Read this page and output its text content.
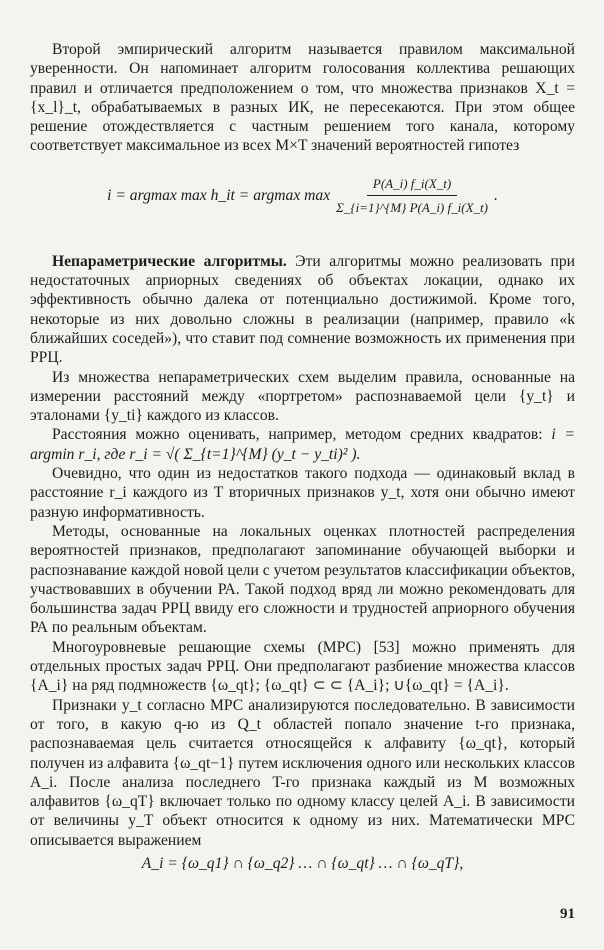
Второй эмпирический алгоритм называется правилом максимальной уверенности. Он напоминает алгоритм голосования коллектива решающих правил и отличается предположением о том, что множества признаков X_t = {x_l}_t, обрабатываемых в разных ИК, не пересекаются. При этом общее решение отождествляется с частным решением того канала, которому соответствует максимальное из всех M×T значений вероятностей гипотез

i = argmax max h_it = argmax $\max \frac{P(A\_i) f\_i(X\_t)}{\Sigma\_\{i=1\}\^{}\{M\} P(A\_i) f\_i(X\_t)}$ .

Непараметрические алгоритмы. Эти алгоритмы можно реализовать при недостаточных априорных сведениях об объектах локации, однако их эффективность обычно далека от потенциально достижимой. Кроме того, некоторые из них довольно сложны в реализации (например, правило «k ближайших соседей»), что ставит под сомнение возможность их применения при РРЦ.

Из множества непараметрических схем выделим правила, основанные на измерении расстояний между «портретом» распознаваемой цели {y_t} и эталонами {y_ti} каждого из классов.

Расстояния можно оценивать, например, методом средних квадратов: i = argmin r_i, где r_i = √( Σ_{t=1}^{M} (y_t − y_ti)² ).

Очевидно, что один из недостатков такого подхода — одинаковый вклад в расстояние r_i каждого из T вторичных признаков y_t, хотя они обычно имеют разную информативность.

Методы, основанные на локальных оценках плотностей распределения вероятностей признаков, предполагают запоминание обучающей выборки и распознавание каждой новой цели с учетом результатов классификации объектов, участвовавших в обучении РА. Такой подход вряд ли можно рекомендовать для большинства задач РРЦ ввиду его сложности и трудностей априорного обучения РА по реальным объектам.

Многоуровневые решающие схемы (МРС) [53] можно применять для отдельных простых задач РРЦ. Они предполагают разбиение множества классов {A_i} на ряд подмножеств {ω_qt}; {ω_qt} ⊂ ⊂ {A_i}; ∪{ω_qt} = {A_i}.

Признаки y_t согласно МРС анализируются последовательно. В зависимости от того, в какую q-ю из Q_t областей попало значение t-го признака, распознаваемая цель считается относящейся к алфавиту {ω_qt}, который получен из алфавита {ω_qt−1} путем исключения одного или нескольких классов A_i. После анализа последнего T-го признака каждый из M возможных алфавитов {ω_qT} включает только по одному классу целей A_i. В зависимости от величины y_T объект относится к одному из них. Математически МРС описывается выражением

A_i = {ω_q1} ∩ {ω_q2} … ∩ {ω_qt} … ∩ {ω_qT},
91
